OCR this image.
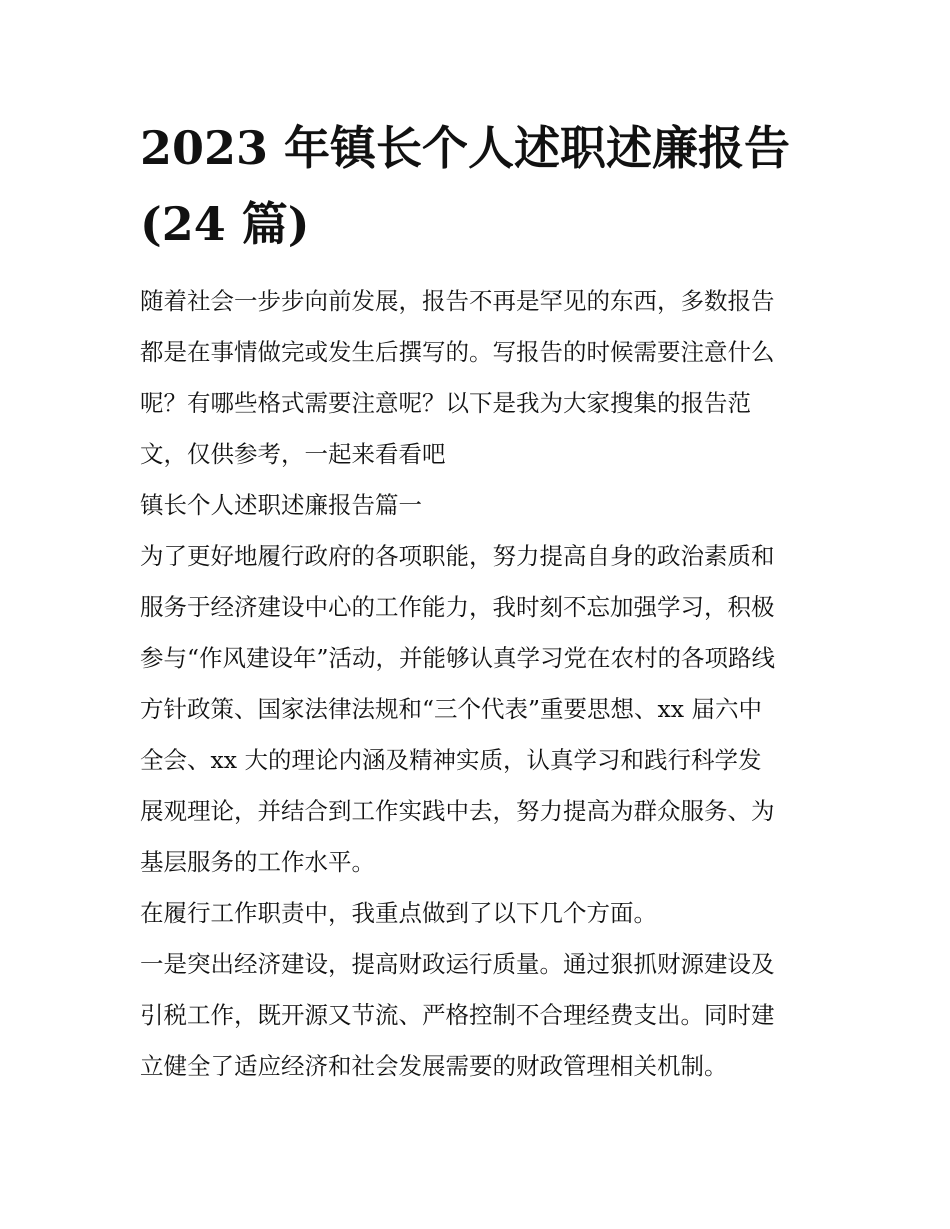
2023 年镇长个人述职述廉报告
(24 篇)
随着社会一步步向前发展，报告不再是罕见的东西，多数报告
都是在事情做完或发生后撰写的。写报告的时候需要注意什么
呢？有哪些格式需要注意呢？以下是我为大家搜集的报告范
文，仅供参考，一起来看看吧
镇长个人述职述廉报告篇一
为了更好地履行政府的各项职能，努力提高自身的政治素质和
服务于经济建设中心的工作能力，我时刻不忘加强学习，积极
参与“作风建设年”活动，并能够认真学习党在农村的各项路线
方针政策、国家法律法规和“三个代表”重要思想、xx 届六中
全会、xx 大的理论内涵及精神实质，认真学习和践行科学发
展观理论，并结合到工作实践中去，努力提高为群众服务、为
基层服务的工作水平。
在履行工作职责中，我重点做到了以下几个方面。
一是突出经济建设，提高财政运行质量。通过狠抓财源建设及
引税工作，既开源又节流、严格控制不合理经费支出。同时建
立健全了适应经济和社会发展需要的财政管理相关机制。
